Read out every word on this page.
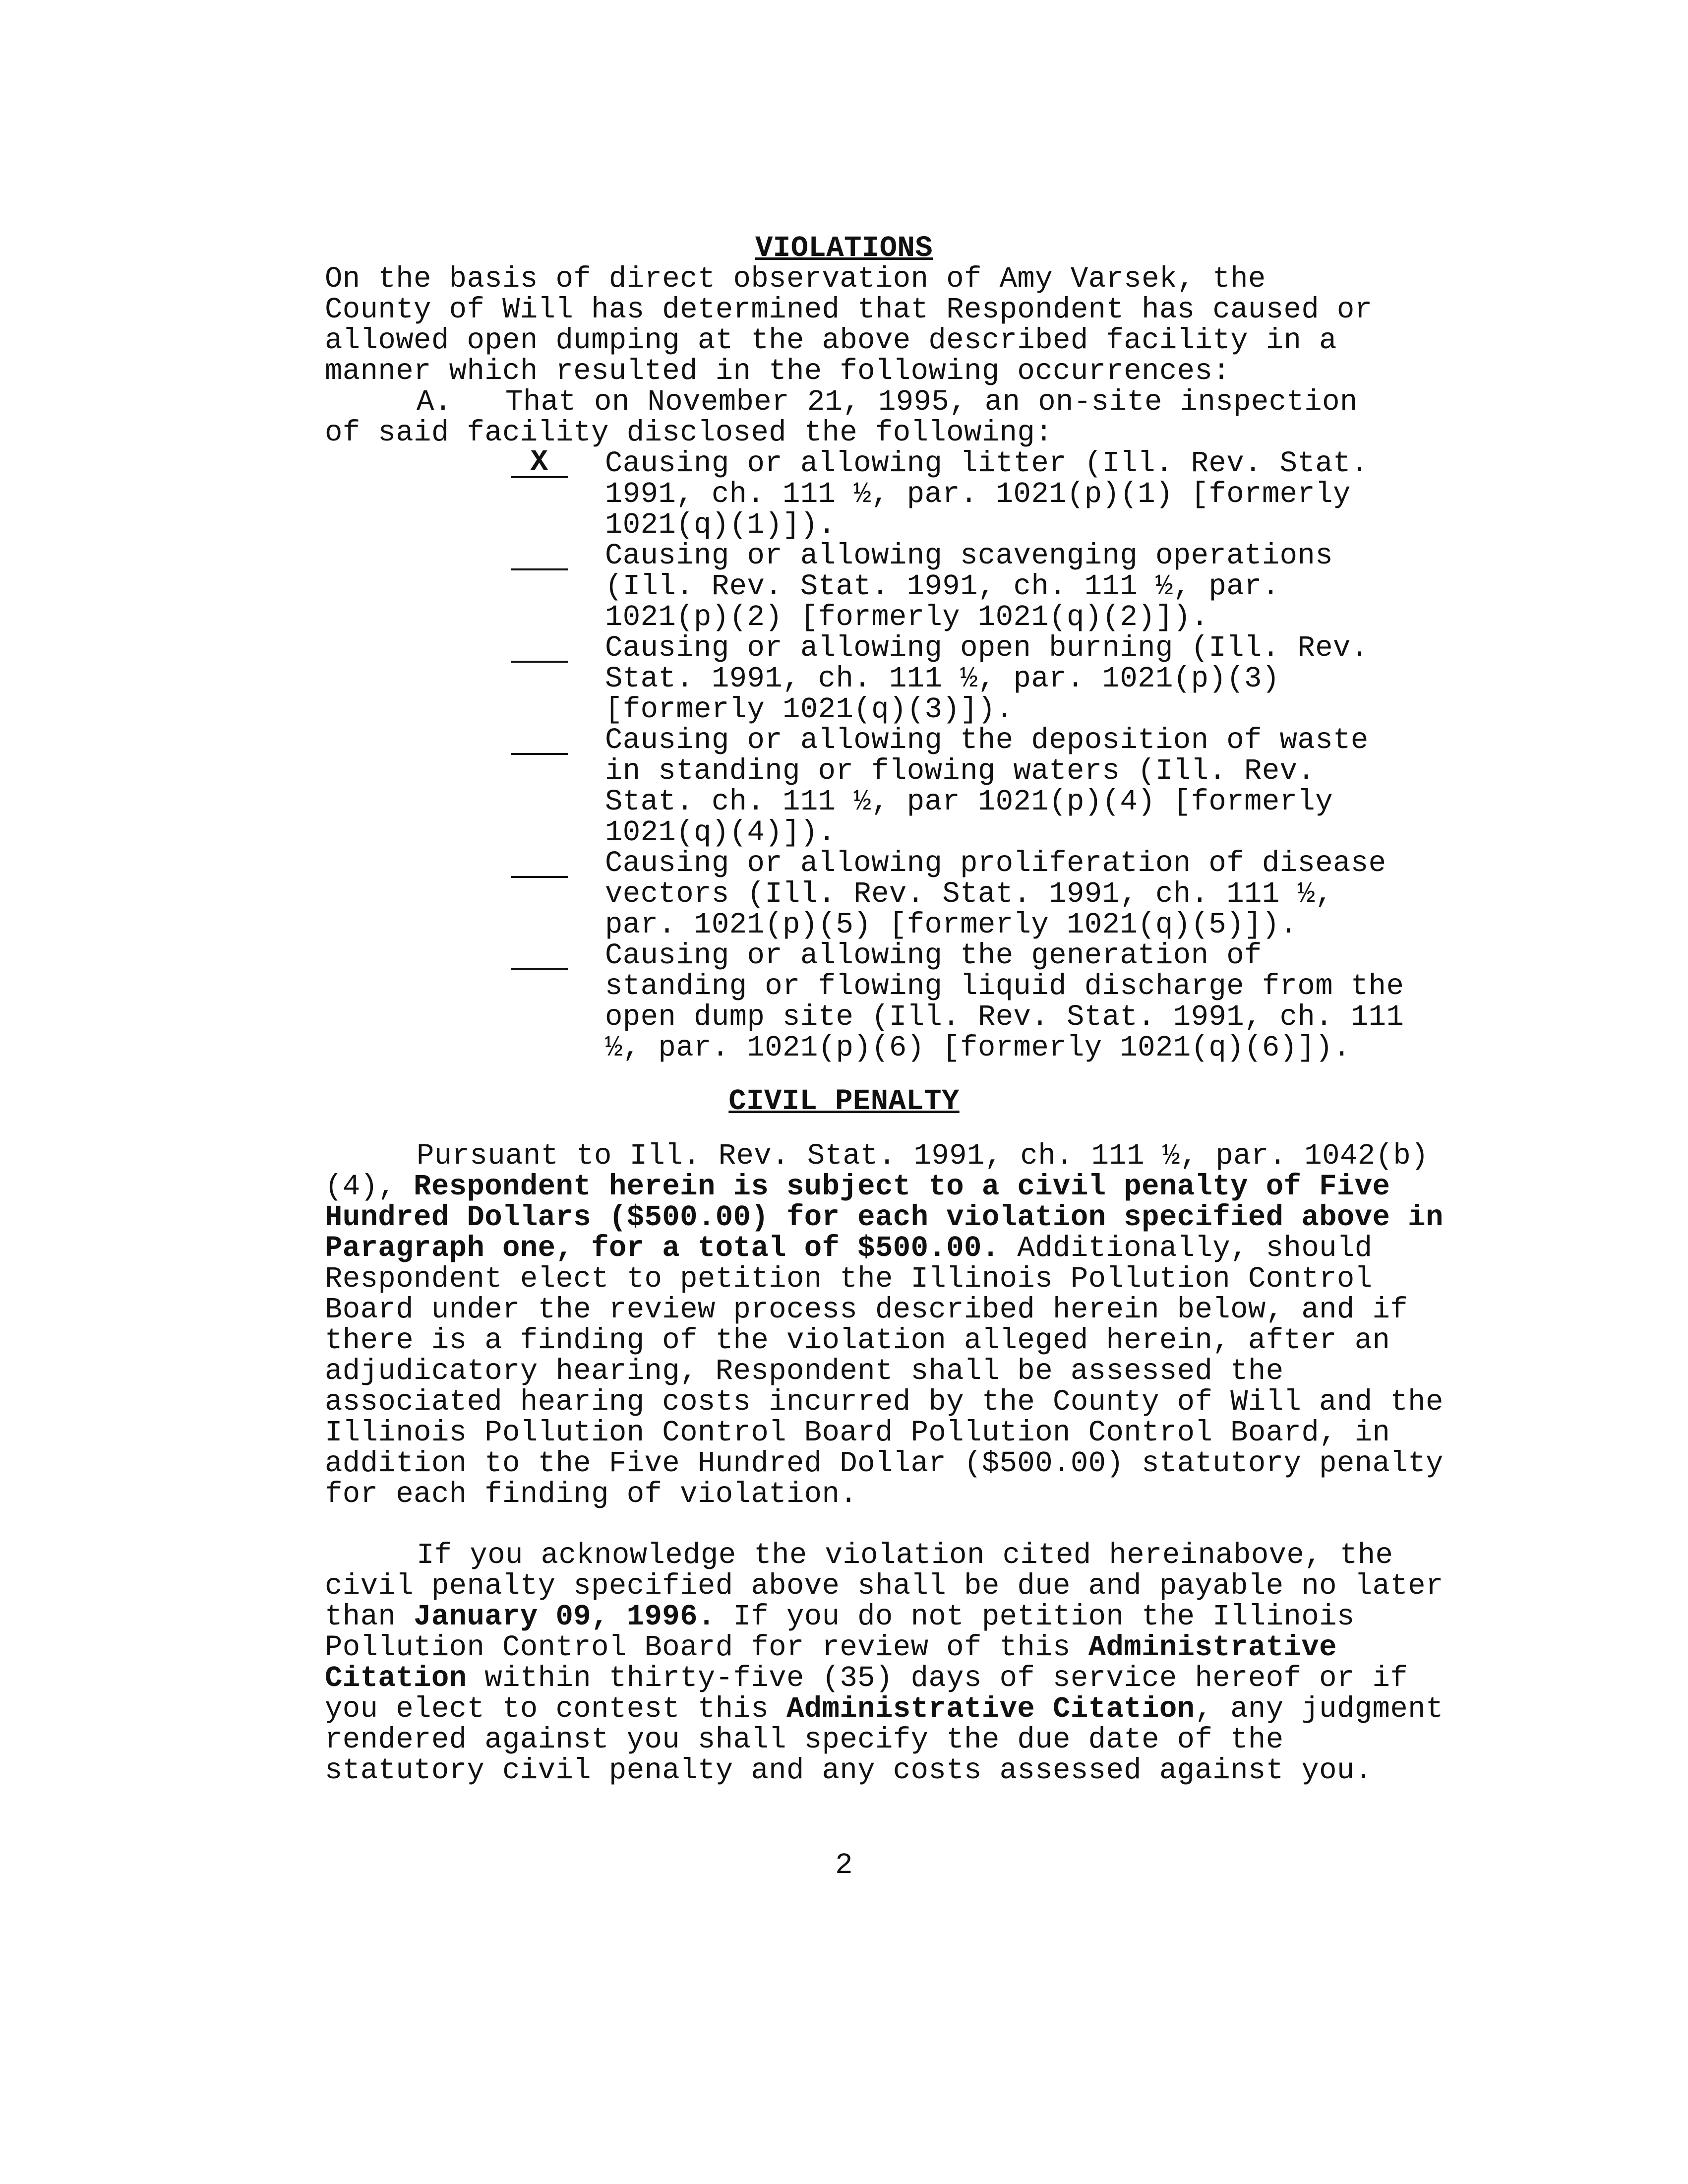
VIOLATIONS
On the basis of direct observation of Amy Varsek, the
County of Will has determined that Respondent has caused or
allowed open dumping at the above described facility in a
manner which resulted in the following occurrences:
A.   That on November 21, 1995, an on-site inspection
of said facility disclosed the following:
X	Causing or allowing litter (Ill. Rev. Stat.
1991, ch. 111 ½, par. 1021(p)(1) [formerly
1021(q)(1)]).
Causing or allowing scavenging operations
(Ill. Rev. Stat. 1991, ch. 111 ½, par.
1021(p)(2) [formerly 1021(q)(2)]).
Causing or allowing open burning (Ill. Rev.
Stat. 1991, ch. 111 ½, par. 1021(p)(3)
[formerly 1021(q)(3)]).
Causing or allowing the deposition of waste
in standing or flowing waters (Ill. Rev.
Stat. ch. 111 ½, par 1021(p)(4) [formerly
1021(q)(4)]).
Causing or allowing proliferation of disease
vectors (Ill. Rev. Stat. 1991, ch. 111 ½,
par. 1021(p)(5) [formerly 1021(q)(5)]).
Causing or allowing the generation of
standing or flowing liquid discharge from the
open dump site (Ill. Rev. Stat. 1991, ch. 111
½, par. 1021(p)(6) [formerly 1021(q)(6)]).
CIVIL PENALTY
Pursuant to Ill. Rev. Stat. 1991, ch. 111 ½, par. 1042(b)(4), Respondent herein is subject to a civil penalty of Five Hundred Dollars ($500.00) for each violation specified above in Paragraph one, for a total of $500.00. Additionally, should Respondent elect to petition the Illinois Pollution Control Board under the review process described herein below, and if there is a finding of the violation alleged herein, after an adjudicatory hearing, Respondent shall be assessed the associated hearing costs incurred by the County of Will and the Illinois Pollution Control Board Pollution Control Board, in addition to the Five Hundred Dollar ($500.00) statutory penalty for each finding of violation.
If you acknowledge the violation cited hereinabove, the civil penalty specified above shall be due and payable no later than January 09, 1996. If you do not petition the Illinois Pollution Control Board for review of this Administrative Citation within thirty-five (35) days of service hereof or if you elect to contest this Administrative Citation, any judgment rendered against you shall specify the due date of the statutory civil penalty and any costs assessed against you.
2
